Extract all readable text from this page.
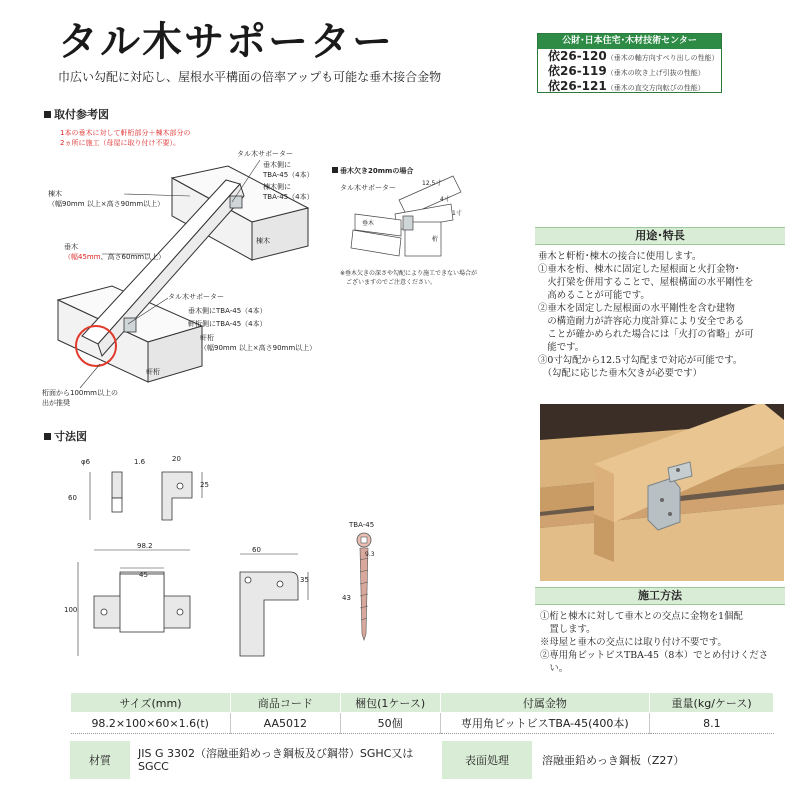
タル木サポーター
巾広い勾配に対応し、屋根水平構面の倍率アップも可能な垂木接合金物
公財･日本住宅･木材技術センター
依26-120（垂木の軸方向すべり出しの性能）
依26-119（垂木の吹き上げ引抜の性能）
依26-121（垂木の直交方向転びの性能）
取付参考図
1本の垂木に対して軒桁部分＋棟木部分の
2ヵ所に施工（母屋に取り付け不要）。
タル木サポーター
垂木側に
TBA-45（4本）
棟木側に
TBA-45（4本）
棟木
（幅90mm 以上×高さ90mm以上）
棟木
垂木
（幅45mm、高さ60mm以上）
タル木サポーター
垂木側にTBA-45（4本）
軒桁側にTBA-45（4本）
軒桁
（幅90mm 以上×高さ90mm以上）
軒桁
桁面から100mm以上の
出が推奨
垂木欠き20mmの場合
タル木サポーター
12.5寸
4寸
1寸
垂木
桁
※垂木欠きの深さや勾配により施工できない場合が
ございますのでご注意ください。
寸法図
φ6	1.6	20
25
60
98.2
45
100
60
35
TBA-45
9.3
43
用途･特長
垂木と軒桁･棟木の接合に使用します。
①垂木を桁、棟木に固定した屋根面と火打金物･
　火打梁を併用することで、屋根構面の水平剛性を
　高めることが可能です。
②垂木を固定した屋根面の水平剛性を含む建物
　の構造耐力が許容応力度計算により安全である
　ことが確かめられた場合には「火打の省略」が可
　能です。
③0寸勾配から12.5寸勾配まで対応が可能です。
　（勾配に応じた垂木欠きが必要です）
施工方法
①桁と棟木に対して垂木との交点に金物を1個配
　置します。
※母屋と垂木の交点には取り付け不要です。
②専用角ビットビスTBA-45（8本）でとめ付けくださ
　い。
サイズ(mm)	商品コード	梱包(1ケース)	付属金物	重量(kg/ケース)
98.2×100×60×1.6(t)	AA5012	50個	専用角ビットビスTBA-45(400本)	8.1
材質
JIS G 3302（溶融亜鉛めっき鋼板及び鋼帯）SGHC又は
SGCC	表面処理	溶融亜鉛めっき鋼板（Z27）
